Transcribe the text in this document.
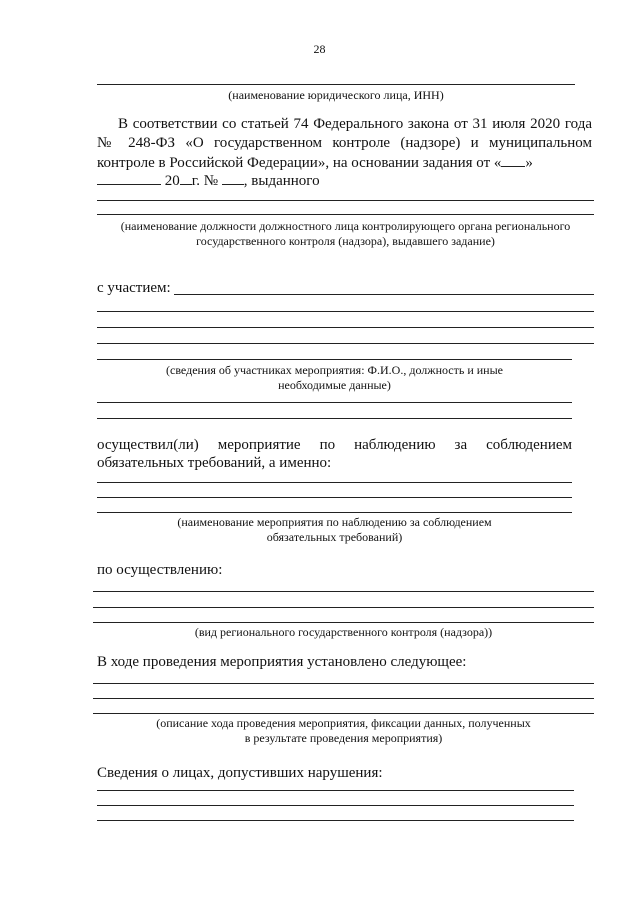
28
(наименование юридического лица, ИНН)
В соответствии со статьей 74 Федерального закона от 31 июля 2020 года
№ 248-ФЗ «О государственном контроле (надзоре) и муниципальном
контроле в Российской Федерации», на основании задания от « »
20 г. № , выданного
(наименование должности должностного лица контролирующего органа регионального
государственного контроля (надзора), выдавшего задание)
с участием:
(сведения об участниках мероприятия: Ф.И.О., должность и иные
необходимые данные)
осуществил(ли) мероприятие по наблюдению за соблюдением
обязательных требований, а именно:
(наименование мероприятия по наблюдению за соблюдением
обязательных требований)
по осуществлению:
(вид регионального государственного контроля (надзора))
В ходе проведения мероприятия установлено следующее:
(описание хода проведения мероприятия, фиксации данных, полученных
в результате проведения мероприятия)
Сведения о лицах, допустивших нарушения:
